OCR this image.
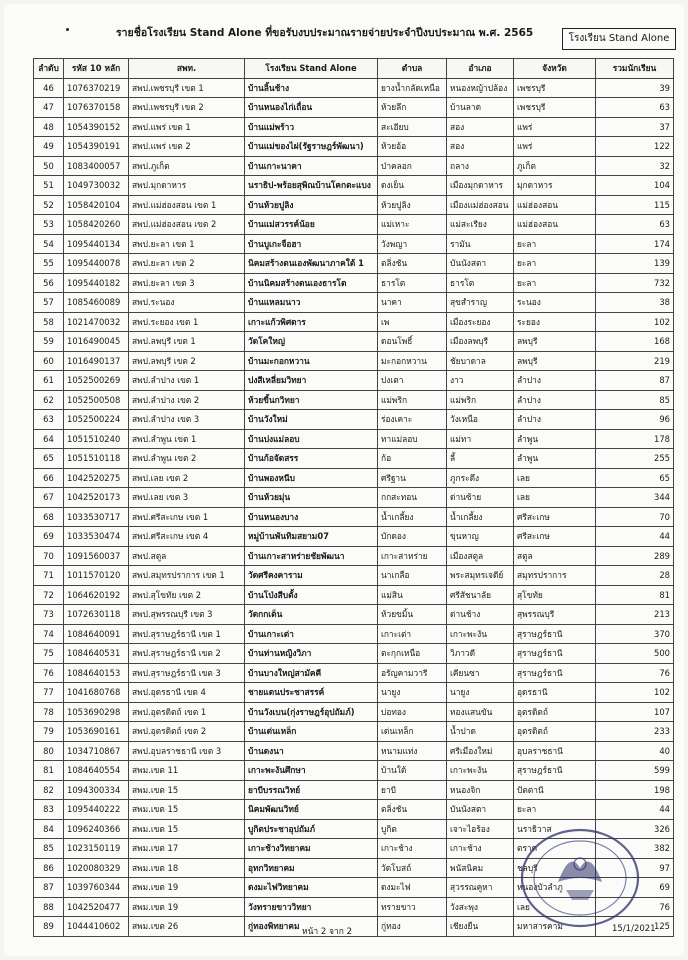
รายชื่อโรงเรียน Stand Alone ที่ขอรับงบประมาณรายจ่ายประจำปีงบประมาณ พ.ศ. 2565	โรงเรียน Stand Alone
ลำดับ	รหัส 10 หลัก	สพท.	โรงเรียน Stand Alone	ตำบล	อำเภอ	จังหวัด	รวมนักเรียน
46	1076370219	สพป.เพชรบุรี เขต 1	บ้านลิ้นช้าง	ยางน้ำกลัดเหนือ	หนองหญ้าปล้อง	เพชรบุรี	39
47	1076370158	สพป.เพชรบุรี เขต 2	บ้านหนองไก่เถื่อน	ห้วยลึก	บ้านลาด	เพชรบุรี	63
48	1054390152	สพป.แพร่ เขต 1	บ้านแม่พร้าว	สะเอียบ	สอง	แพร่	37
49	1054390191	สพป.แพร่ เขต 2	บ้านแม่ของไผ่(รัฐราษฎร์พัฒนา)	ห้วยอ้อ	สอง	แพร่	122
50	1083400057	สพป.ภูเก็ต	บ้านเกาะนาคา	ป่าคลอก	ถลาง	ภูเก็ต	32
51	1049730032	สพป.มุกดาหาร	นราธิป-พร้อยสุพิณบ้านโคกตะแบง	ดงเย็น	เมืองมุกดาหาร	มุกดาหาร	104
52	1058420104	สพป.แม่ฮ่องสอน เขต 1	บ้านห้วยปูลิง	ห้วยปูลิง	เมืองแม่ฮ่องสอน	แม่ฮ่องสอน	115
53	1058420260	สพป.แม่ฮ่องสอน เขต 2	บ้านแม่สวรรค์น้อย	แม่เหาะ	แม่สะเรียง	แม่ฮ่องสอน	63
54	1095440134	สพป.ยะลา เขต 1	บ้านบูเกะจือฮา	วังพญา	รามัน	ยะลา	174
55	1095440078	สพป.ยะลา เขต 2	นิคมสร้างตนเองพัฒนาภาคใต้ 1	ตลิ่งชัน	บันนังสตา	ยะลา	139
56	1095440182	สพป.ยะลา เขต 3	บ้านนิคมสร้างตนเองธารโต	ธารโต	ธารโต	ยะลา	732
57	1085460089	สพป.ระนอง	บ้านแหลมนาว	นาคา	สุขสำราญ	ระนอง	38
58	1021470032	สพป.ระยอง เขต 1	เกาะแก้วพิศดาร	เพ	เมืองระยอง	ระยอง	102
59	1016490045	สพป.ลพบุรี เขต 1	วัดโคใหญ่	ดอนโพธิ์	เมืองลพบุรี	ลพบุรี	168
60	1016490137	สพป.ลพบุรี เขต 2	บ้านมะกอกหวาน	มะกอกหวาน	ชัยบาดาล	ลพบุรี	219
61	1052500269	สพป.ลำปาง เขต 1	ปงสีเหลี่ยมวิทยา	ปงเตา	งาว	ลำปาง	87
62	1052500508	สพป.ลำปาง เขต 2	ห้วยขี้นกวิทยา	แม่พริก	แม่พริก	ลำปาง	85
63	1052500224	สพป.ลำปาง เขต 3	บ้านวังใหม่	ร่องเคาะ	วังเหนือ	ลำปาง	96
64	1051510240	สพป.ลำพูน เขต 1	บ้านปงแม่ลอบ	ทาแม่ลอบ	แม่ทา	ลำพูน	178
65	1051510118	สพป.ลำพูน เขต 2	บ้านก้อจัดสรร	ก้อ	ลี้	ลำพูน	255
66	1042520275	สพป.เลย เขต 2	บ้านพองหนีบ	ศรีฐาน	ภูกระดึง	เลย	65
67	1042520173	สพป.เลย เขต 3	บ้านห้วยมุ่น	กกสะทอน	ด่านซ้าย	เลย	344
68	1033530717	สพป.ศรีสะเกษ เขต 1	บ้านหนองบาง	น้ำเกลี้ยง	น้ำเกลี้ยง	ศรีสะเกษ	70
69	1033530474	สพป.ศรีสะเกษ เขต 4	หมู่บ้านพันทิมสยาม07	บักดอง	ขุนหาญ	ศรีสะเกษ	44
70	1091560037	สพป.สตูล	บ้านเกาะสาหร่ายชัยพัฒนา	เกาะสาหร่าย	เมืองสตูล	สตูล	289
71	1011570120	สพป.สมุทรปราการ เขต 1	วัดศรีคงคาราม	นาเกลือ	พระสมุทรเจดีย์	สมุทรปราการ	28
72	1064620192	สพป.สุโขทัย เขต 2	บ้านโป่งสีบตั้ง	แม่สิน	ศรีสัชนาลัย	สุโขทัย	81
73	1072630118	สพป.สุพรรณบุรี เขต 3	วัดกกเต็น	ห้วยขมิ้น	ด่านช้าง	สุพรรณบุรี	213
74	1084640091	สพป.สุราษฎร์ธานี เขต 1	บ้านเกาะเต่า	เกาะเต่า	เกาะพะงัน	สุราษฎร์ธานี	370
75	1084640531	สพป.สุราษฎร์ธานี เขต 2	บ้านท่านหญิงวิภา	ตะกุกเหนือ	วิภาวดี	สุราษฎร์ธานี	500
76	1084640153	สพป.สุราษฎร์ธานี เขต 3	บ้านบางใหญ่สามัคคี	อรัญคามวารี	เคียนซา	สุราษฎร์ธานี	76
77	1041680768	สพป.อุดรธานี เขต 4	ชายแดนประชาสรรค์	นายูง	นายูง	อุดรธานี	102
78	1053690298	สพป.อุตรดิตถ์ เขต 1	บ้านวังเบน(กุ่งราษฎร์อุปถัมภ์)	บ่อทอง	ทองแสนขัน	อุตรดิตถ์	107
79	1053690161	สพป.อุตรดิตถ์ เขต 2	บ้านเด่นเหล็ก	เด่นเหล็ก	น้ำปาด	อุตรดิตถ์	233
80	1034710867	สพป.อุบลราชธานี เขต 3	บ้านดงนา	หนามแท่ง	ศรีเมืองใหม่	อุบลราชธานี	40
81	1084640554	สพม.เขต 11	เกาะพะงันศึกษา	บ้านใต้	เกาะพะงัน	สุราษฎร์ธานี	599
82	1094300334	สพม.เขต 15	ยาบีบรรณวิทย์	ยาบี	หนองจิก	ปัตตานี	198
83	1095440222	สพม.เขต 15	นิคมพัฒนวิทย์	ตลิ่งชัน	บันนังสตา	ยะลา	44
84	1096240366	สพม.เขต 15	บูกิตประชาอุปถัมภ์	บูกิต	เจาะไอร้อง	นราธิวาส	326
85	1023150119	สพม.เขต 17	เกาะช้างวิทยาคม	เกาะช้าง	เกาะช้าง	ตราด	382
86	1020080329	สพม.เขต 18	อุทกวิทยาคม	วัดโบสถ์	พนัสนิคม	ชลบุรี	97
87	1039760344	สพม.เขต 19	ดงมะไฟวิทยาคม	ดงมะไฟ	สุวรรณคูหา	หนองบัวลำภู	69
88	1042520477	สพม.เขต 19	วังทรายขาววิทยา	ทรายขาว	วังสะพุง	เลย	76
89	1044410602	สพม.เขต 26	กู่ทองพิทยาคม	กู่ทอง	เชียงยืน	มหาสารคาม	125
หน้า 2 จาก 2	15/1/2021
